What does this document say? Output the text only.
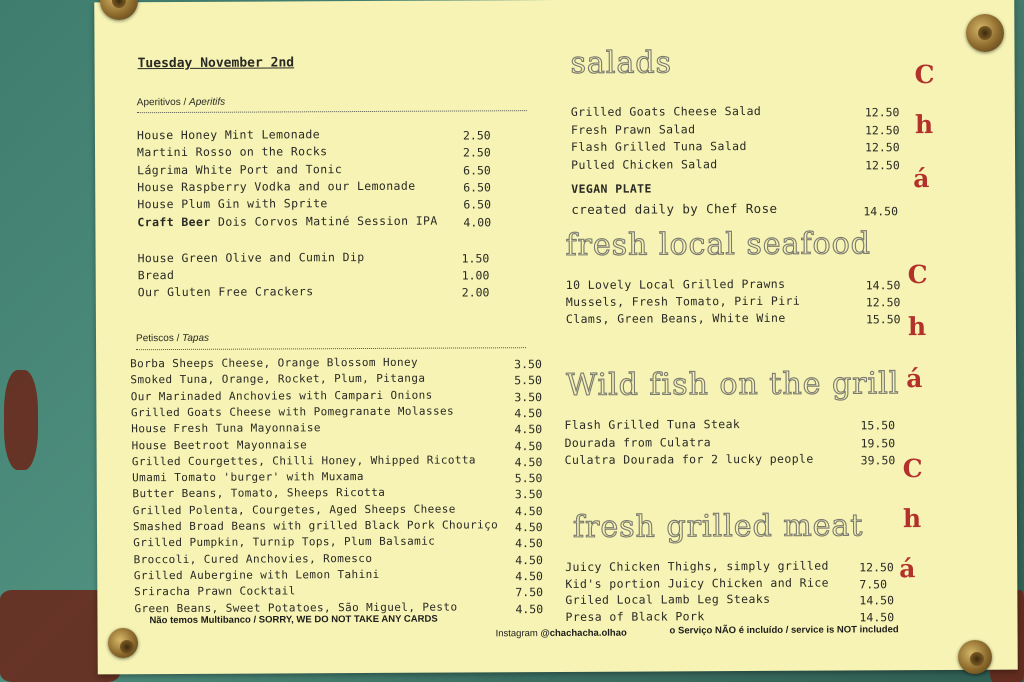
Tuesday November 2nd
Aperitivos / Aperitifs
House Honey Mint Lemonade	2.50
Martini Rosso on the Rocks	2.50
Lágrima White Port and Tonic	6.50
House Raspberry Vodka and our Lemonade	6.50
House Plum Gin with Sprite	6.50
Craft Beer Dois Corvos Matiné Session IPA 4.00
House Green Olive and Cumin Dip	1.50
Bread	1.00
Our Gluten Free Crackers	2.00
Petiscos / Tapas
Borba Sheeps Cheese, Orange Blossom Honey	3.50
Smoked Tuna, Orange, Rocket, Plum, Pitanga	5.50
Our Marinaded Anchovies with Campari Onions	3.50
Grilled Goats Cheese with Pomegranate Molasses	4.50
House Fresh Tuna Mayonnaise	4.50
House Beetroot Mayonnaise	4.50
Grilled Courgettes, Chilli Honey, Whipped Ricotta	4.50
Umami Tomato 'burger' with Muxama	5.50
Butter Beans, Tomato, Sheeps Ricotta	3.50
Grilled Polenta, Courgetes, Aged Sheeps Cheese	4.50
Smashed Broad Beans with grilled Black Pork Chouriço 4.50
Grilled Pumpkin, Turnip Tops, Plum Balsamic	4.50
Broccoli, Cured Anchovies, Romesco	4.50
Grilled Aubergine with Lemon Tahini	4.50
Sriracha Prawn Cocktail	7.50
Green Beans, Sweet Potatoes, São Miguel, Pesto	4.50
salads
Grilled Goats Cheese Salad	12.50
Fresh Prawn Salad	12.50
Flash Grilled Tuna Salad	12.50
Pulled Chicken Salad	12.50
VEGAN PLATE
created daily by Chef Rose	14.50
fresh local seafood
10 Lovely Local Grilled Prawns	14.50
Mussels, Fresh Tomato, Piri Piri	12.50
Clams, Green Beans, White Wine	15.50
Wild fish on the grill
Flash Grilled Tuna Steak	15.50
Dourada from Culatra	19.50
Culatra Dourada for 2 lucky people	39.50
fresh grilled meat
Juicy Chicken Thighs, simply grilled	12.50
Kid's portion Juicy Chicken and Rice	7.50
Griled Local Lamb Leg Steaks	14.50
Presa of Black Pork	14.50
C
h
á
C
h
á
C
h
á
Não temos Multibanco / SORRY, WE DO NOT TAKE ANY CARDS
Instagram @chachacha.olhao	o Serviço NÃO é incluído / service is NOT included
